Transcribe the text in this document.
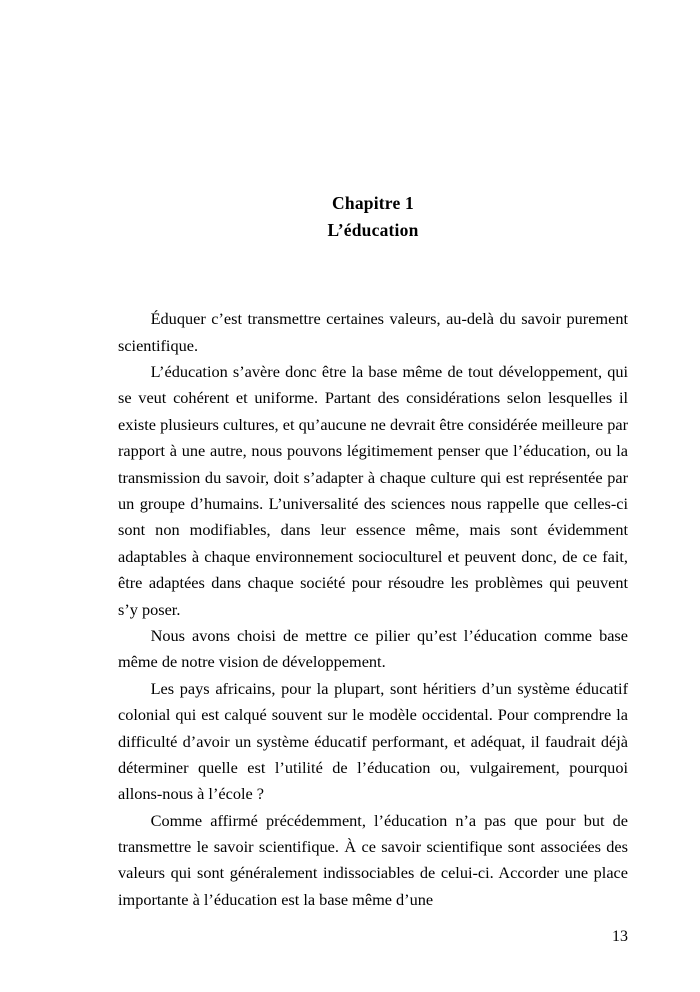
Chapitre 1
L’éducation

Éduquer c’est transmettre certaines valeurs, au-delà du savoir purement scientifique.

L’éducation s’avère donc être la base même de tout développement, qui se veut cohérent et uniforme. Partant des considérations selon lesquelles il existe plusieurs cultures, et qu’aucune ne devrait être considérée meilleure par rapport à une autre, nous pouvons légitimement penser que l’éducation, ou la transmission du savoir, doit s’adapter à chaque culture qui est représentée par un groupe d’humains. L’universalité des sciences nous rappelle que celles-ci sont non modifiables, dans leur essence même, mais sont évidemment adaptables à chaque environnement socioculturel et peuvent donc, de ce fait, être adaptées dans chaque société pour résoudre les problèmes qui peuvent s’y poser.

Nous avons choisi de mettre ce pilier qu’est l’éducation comme base même de notre vision de développement.

Les pays africains, pour la plupart, sont héritiers d’un système éducatif colonial qui est calqué souvent sur le modèle occidental. Pour comprendre la difficulté d’avoir un système éducatif performant, et adéquat, il faudrait déjà déterminer quelle est l’utilité de l’éducation ou, vulgairement, pourquoi allons-nous à l’école ?

Comme affirmé précédemment, l’éducation n’a pas que pour but de transmettre le savoir scientifique. À ce savoir scientifique sont associées des valeurs qui sont généralement indissociables de celui-ci. Accorder une place importante à l’éducation est la base même d’une

13
